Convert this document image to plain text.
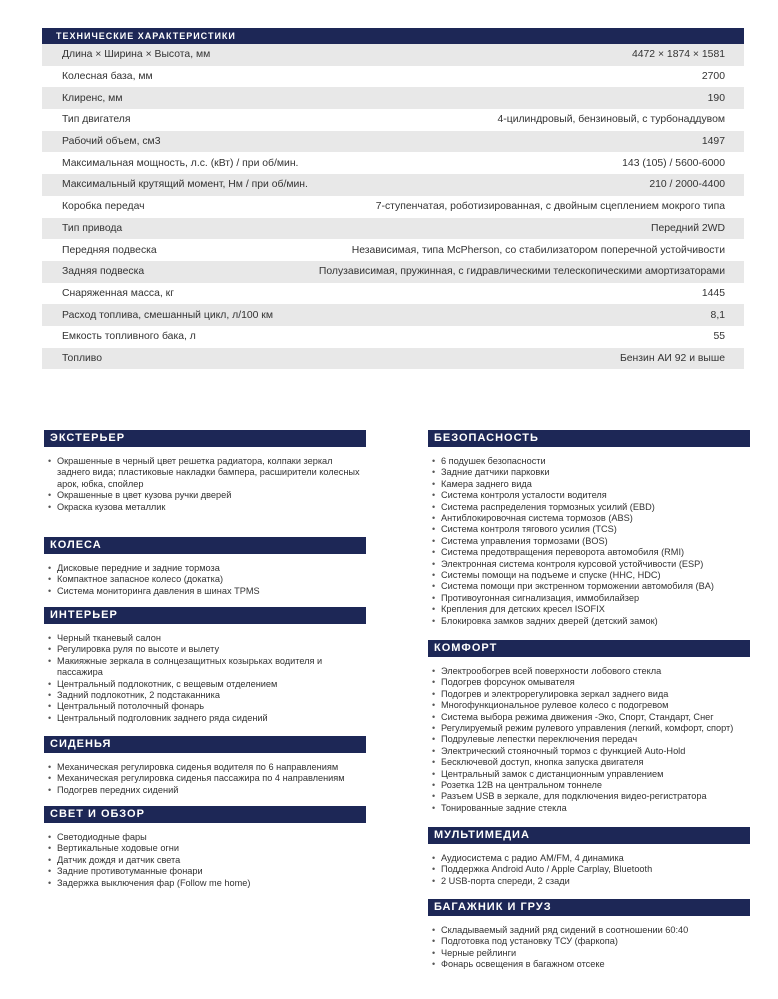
ТЕХНИЧЕСКИЕ ХАРАКТЕРИСТИКИ
Длина × Ширина × Высота, мм	4472 × 1874 × 1581
Колесная база, мм	2700
Клиренс, мм	190
Тип двигателя	4-цилиндровый, бензиновый, с турбонаддувом
Рабочий объем, см3	1497
Максимальная мощность, л.с. (кВт) / при об/мин.	143 (105) / 5600-6000
Максимальный крутящий момент, Нм / при об/мин.	210 / 2000-4400
Коробка передач	7-ступенчатая, роботизированная, с двойным сцеплением мокрого типа
Тип привода	Передний 2WD
Передняя подвеска	Независимая, типа McPherson, со стабилизатором поперечной устойчивости
Задняя подвеска	Полузависимая, пружинная, с гидравлическими телескопическими амортизаторами
Снаряженная масса, кг	1445
Расход топлива, смешанный цикл, л/100 км	8,1
Емкость топливного бака, л	55
Топливо	Бензин АИ 92 и выше
ЭКСТЕРЬЕР
• Окрашенные в черный цвет решетка радиатора, колпаки зеркал заднего вида; пластиковые накладки бампера, расширители колесных арок, юбка, спойлер
• Окрашенные в цвет кузова ручки дверей
• Окраска кузова металлик
КОЛЕСА
• Дисковые передние и задние тормоза
• Компактное запасное колесо (докатка)
• Система мониторинга давления в шинах TPMS
ИНТЕРЬЕР
• Черный тканевый салон
• Регулировка руля по высоте и вылету
• Макияжные зеркала в солнцезащитных козырьках водителя и пассажира
• Центральный подлокотник, с вещевым отделением
• Задний подлокотник, 2 подстаканника
• Центральный потолочный фонарь
• Центральный подголовник заднего ряда сидений
СИДЕНЬЯ
• Механическая регулировка сиденья водителя по 6 направлениям
• Механическая регулировка сиденья пассажира по 4 направлениям
• Подогрев передних сидений
СВЕТ И ОБЗОР
• Светодиодные фары
• Вертикальные ходовые огни
• Датчик дождя и датчик света
• Задние противотуманные фонари
• Задержка выключения фар (Follow me home)
БЕЗОПАСНОСТЬ
• 6 подушек безопасности
• Задние датчики парковки
• Камера заднего вида
• Система контроля усталости водителя
• Система распределения тормозных усилий (EBD)
• Антиблокировочная система тормозов (ABS)
• Система контроля тягового усилия (TCS)
• Система управления тормозами (BOS)
• Система предотвращения переворота автомобиля (RMI)
• Электронная система контроля курсовой устойчивости (ESP)
• Системы помощи на подъеме и спуске (HHC, HDC)
• Система помощи при экстренном торможении автомобиля (BA)
• Противоугонная сигнализация, иммобилайзер
• Крепления для детских кресел ISOFIX
• Блокировка замков задних дверей (детский замок)
КОМФОРТ
• Электрообогрев всей поверхности лобового стекла
• Подогрев форсунок омывателя
• Подогрев и электрорегулировка зеркал заднего вида
• Многофункциональное рулевое колесо с подогревом
• Система выбора режима движения -Эко, Спорт, Стандарт, Снег
• Регулируемый режим рулевого управления (легкий, комфорт, спорт)
• Подрулевые лепестки переключения передач
• Электрический стояночный тормоз с функцией Auto-Hold
• Бесключевой доступ, кнопка запуска двигателя
• Центральный замок с дистанционным управлением
• Розетка 12В на центральном тоннеле
• Разъем USB в зеркале, для подключения видео-регистратора
• Тонированные задние стекла
МУЛЬТИМЕДИА
• Аудиосистема с радио AM/FM, 4 динамика
• Поддержка Android Auto / Apple Carplay, Bluetooth
• 2 USB-порта спереди, 2 сзади
БАГАЖНИК И ГРУЗ
• Складываемый задний ряд сидений в соотношении 60:40
• Подготовка под установку ТСУ (фаркопа)
• Черные рейлинги
• Фонарь освещения в багажном отсеке
